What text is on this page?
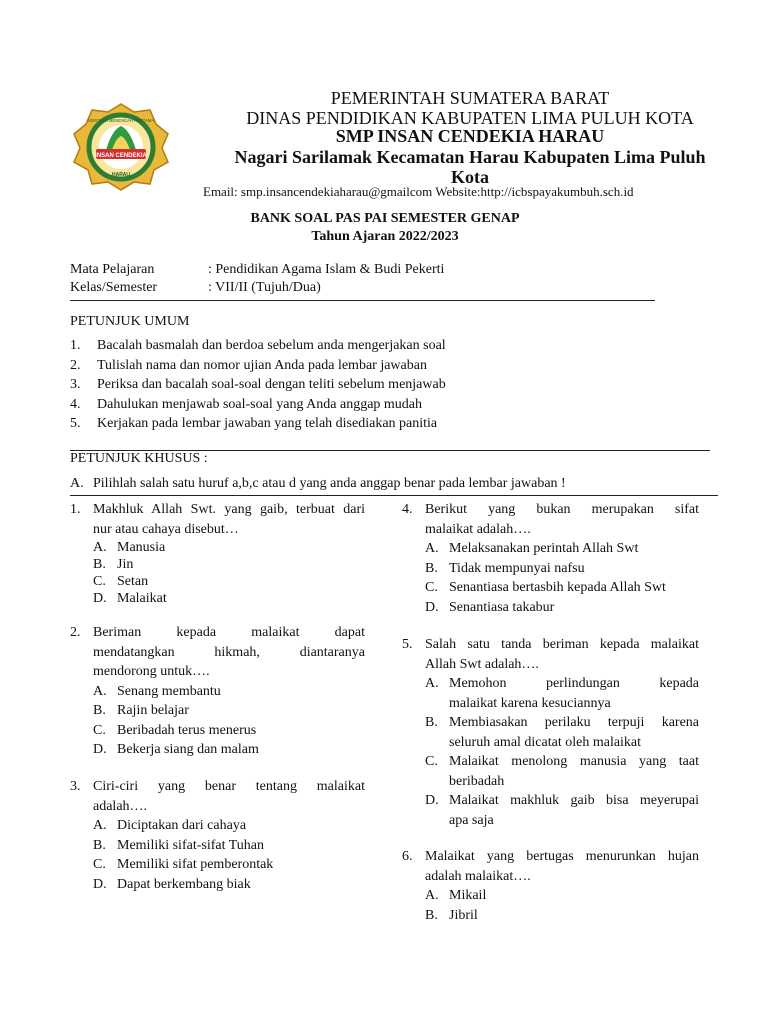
INSAN CENDEKIA
HARAU
SEKOLAH MENENGAH PERTAMA
PEMERINTAH SUMATERA BARAT
DINAS PENDIDIKAN KABUPATEN LIMA PULUH KOTA
SMP INSAN CENDEKIA HARAU
Nagari Sarilamak Kecamatan Harau Kabupaten Lima Puluh
Kota
Email: smp.insancendekiaharau@gmailcom Website:http://icbspayakumbuh.sch.id
BANK SOAL PAS PAI SEMESTER GENAP
Tahun Ajaran 2022/2023
Mata Pelajaran	: Pendidikan Agama Islam & Budi Pekerti
Kelas/Semester	: VII/II (Tujuh/Dua)
PETUNJUK UMUM
1.	Bacalah basmalah dan berdoa sebelum anda mengerjakan soal
2.	Tulislah nama dan nomor ujian Anda pada lembar jawaban
3.	Periksa dan bacalah soal-soal dengan teliti sebelum menjawab
4.	Dahulukan menjawab soal-soal yang Anda anggap mudah
5.	Kerjakan pada lembar jawaban yang telah disediakan panitia
PETUNJUK KHUSUS :
A. Pilihlah salah satu huruf a,b,c atau d yang anda anggap benar pada lembar jawaban !
1. Makhluk Allah Swt. yang gaib, terbuat dari
nur atau cahaya disebut…
A. Manusia
B. Jin
C. Setan
D. Malaikat
2. Beriman kepada malaikat dapat
mendatangkan hikmah, diantaranya
mendorong untuk….
A. Senang membantu
B. Rajin belajar
C. Beribadah terus menerus
D. Bekerja siang dan malam
3. Ciri-ciri yang benar tentang malaikat
adalah….
A. Diciptakan dari cahaya
B. Memiliki sifat-sifat Tuhan
C. Memiliki sifat pemberontak
D. Dapat berkembang biak
4. Berikut yang bukan merupakan sifat
malaikat adalah….
A. Melaksanakan perintah Allah Swt
B. Tidak mempunyai nafsu
C. Senantiasa bertasbih kepada Allah Swt
D. Senantiasa takabur
5. Salah satu tanda beriman kepada malaikat
Allah Swt adalah….
A. Memohon perlindungan kepada
malaikat karena kesuciannya
B. Membiasakan perilaku terpuji karena
seluruh amal dicatat oleh malaikat
C. Malaikat menolong manusia yang taat
beribadah
D. Malaikat makhluk gaib bisa meyerupai
apa saja
6. Malaikat yang bertugas menurunkan hujan
adalah malaikat….
A. Mikail
B. Jibril
